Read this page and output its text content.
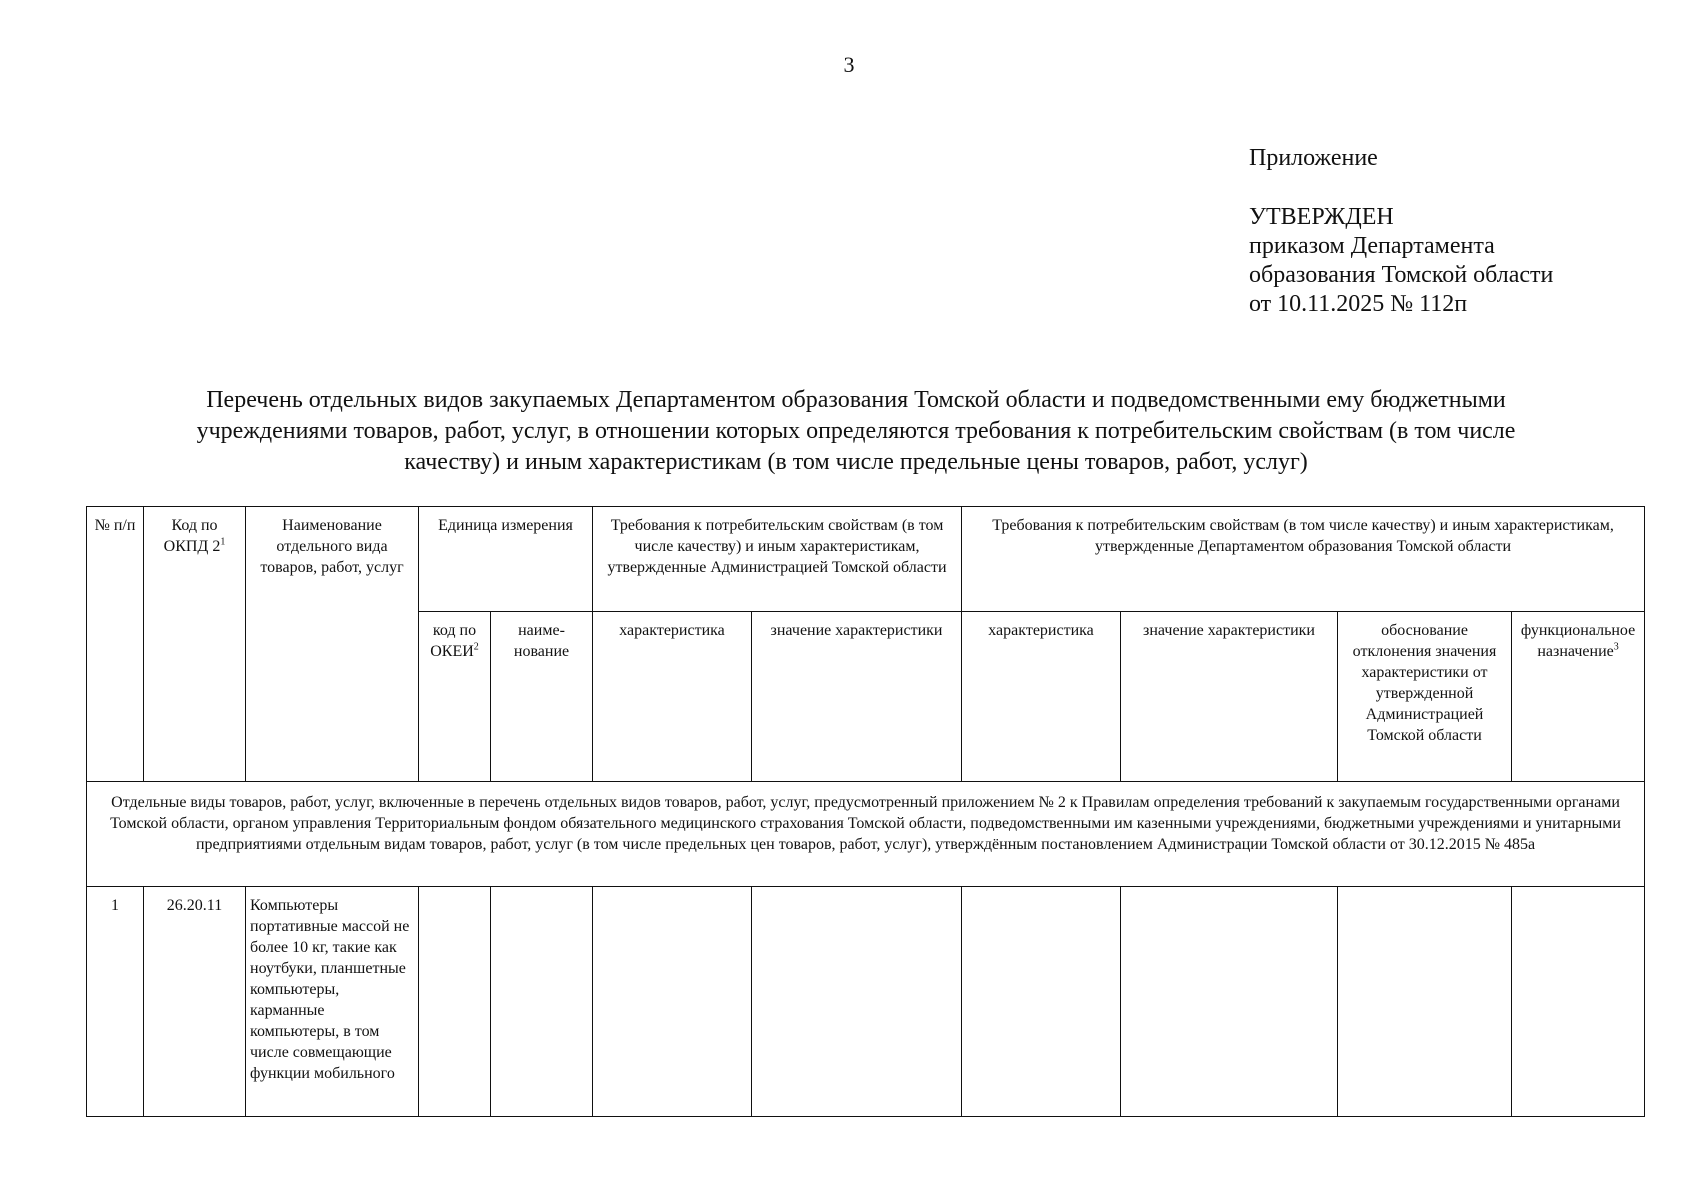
3
Приложение
УТВЕРЖДЕН
приказом Департамента
образования Томской области
от 10.11.2025 № 112п
Перечень отдельных видов закупаемых Департаментом образования Томской области и подведомственными ему бюджетными
учреждениями товаров, работ, услуг, в отношении которых определяются требования к потребительским свойствам (в том числе
качеству) и иным характеристикам (в том числе предельные цены товаров, работ, услуг)
№ п/п	Код по ОКПД $2^1$	Наименование отдельного вида товаров, работ, услуг	Единица измерения		Требования к потребительским свойствам (в том числе качеству) и иным характеристикам, утвержденные Администрацией Томской области		Требования к потребительским свойствам (в том числе качеству) и иным характеристикам, утвержденные Департаментом образования Томской области			
			код по ОКЕИ$^2$	наиме-нование	характеристика	значение характеристики	характеристика	значение характеристики	обоснование отклонения значения характеристики от утвержденной Администрацией Томской области	функциональное назначение$^3$
Отдельные виды товаров, работ, услуг, включенные в перечень отдельных видов товаров, работ, услуг, предусмотренный приложением № 2 к Правилам определения требований к закупаемым государственными органами Томской области, органом управления Территориальным фондом обязательного медицинского страхования Томской области, подведомственными им казенными учреждениями, бюджетными учреждениями и унитарными предприятиями отдельным видам товаров, работ, услуг (в том числе предельных цен товаров, работ, услуг), утверждённым постановлением Администрации Томской области от 30.12.2015 № 485а										
1	26.20.11	Компьютеры портативные массой не более 10 кг, такие как ноутбуки, планшетные компьютеры, карманные компьютеры, в том числе совмещающие функции мобильного								
